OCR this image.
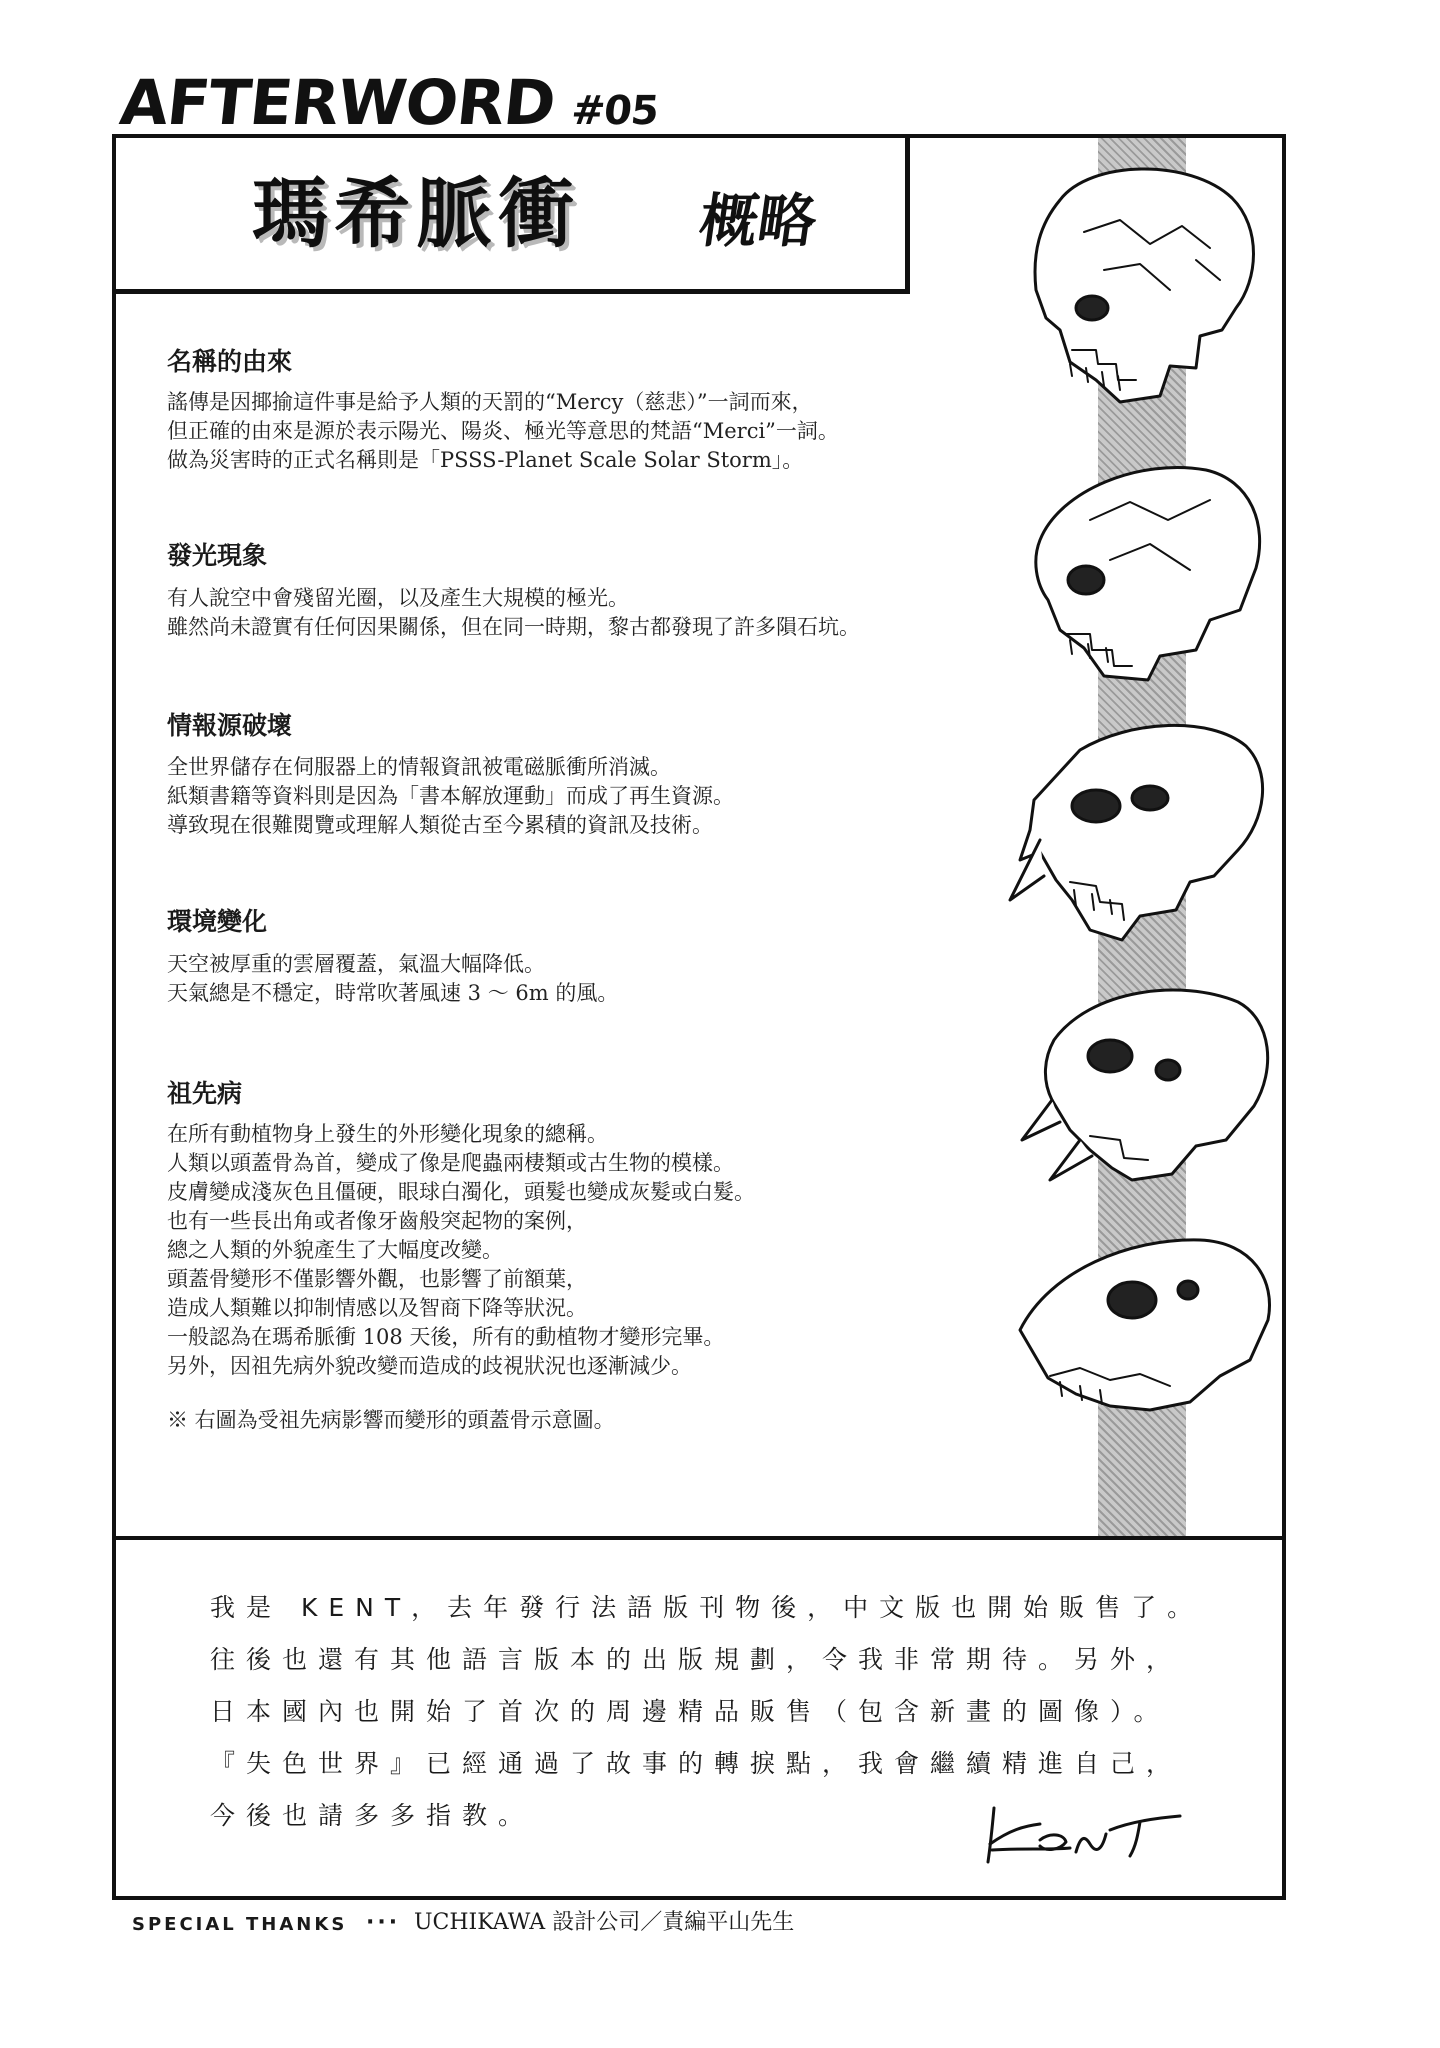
AFTERWORD #05
瑪希脈衝 概略
名稱的由來
謠傳是因揶揄這件事是給予人類的天罰的“Mercy（慈悲）”一詞而來，
但正確的由來是源於表示陽光、陽炎、極光等意思的梵語“Merci”一詞。
做為災害時的正式名稱則是「PSSS-Planet Scale Solar Storm」。
發光現象
有人說空中會殘留光圈，以及產生大規模的極光。
雖然尚未證實有任何因果關係，但在同一時期，黎古都發現了許多隕石坑。
情報源破壞
全世界儲存在伺服器上的情報資訊被電磁脈衝所消滅。
紙類書籍等資料則是因為「書本解放運動」而成了再生資源。
導致現在很難閱覽或理解人類從古至今累積的資訊及技術。
環境變化
天空被厚重的雲層覆蓋，氣溫大幅降低。
天氣總是不穩定，時常吹著風速 3 ～ 6m 的風。
祖先病
在所有動植物身上發生的外形變化現象的總稱。
人類以頭蓋骨為首，變成了像是爬蟲兩棲類或古生物的模樣。
皮膚變成淺灰色且僵硬，眼球白濁化，頭髮也變成灰髮或白髮。
也有一些長出角或者像牙齒般突起物的案例，
總之人類的外貌產生了大幅度改變。
頭蓋骨變形不僅影響外觀，也影響了前額葉，
造成人類難以抑制情感以及智商下降等狀況。
一般認為在瑪希脈衝 108 天後，所有的動植物才變形完畢。
另外，因祖先病外貌改變而造成的歧視狀況也逐漸減少。
※ 右圖為受祖先病影響而變形的頭蓋骨示意圖。
我是 KENT，去年發行法語版刊物後，中文版也開始販售了。
往後也還有其他語言版本的出版規劃，令我非常期待。另外，
日本國內也開始了首次的周邊精品販售（包含新畫的圖像）。
『失色世界』已經通過了故事的轉捩點，我會繼續精進自己，
今後也請多多指教。
SPECIAL THANKS ··· UCHIKAWA 設計公司／責編平山先生
